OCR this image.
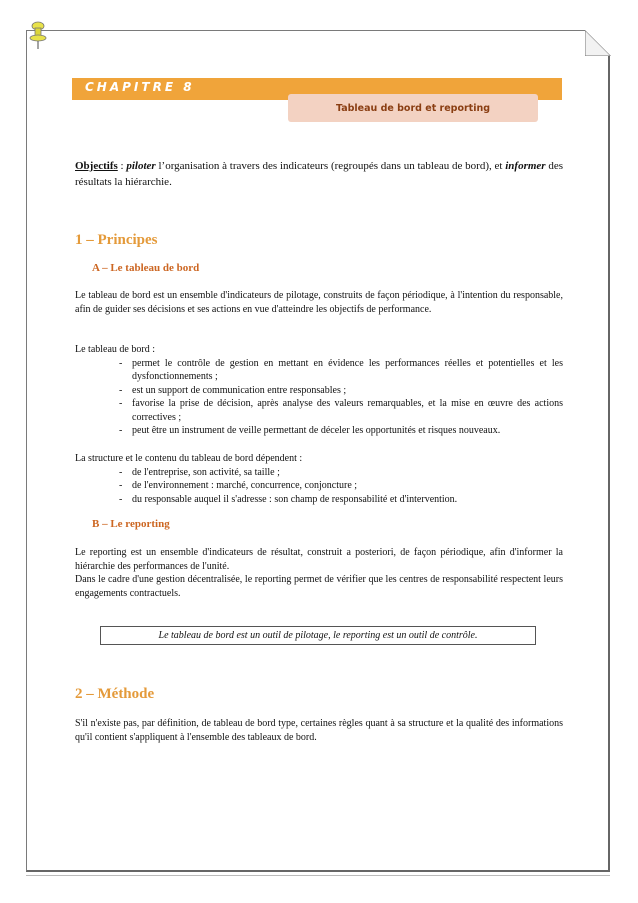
CHAPITRE 8
Tableau de bord et reporting
Objectifs : piloter l’organisation à travers des indicateurs (regroupés dans un tableau de bord), et informer des résultats la hiérarchie.
1 – Principes
A – Le tableau de bord
Le tableau de bord est un ensemble d'indicateurs de pilotage, construits de façon périodique, à l'intention du responsable, afin de guider ses décisions et ses actions en vue d'atteindre les objectifs de performance.
Le tableau de bord :
- permet le contrôle de gestion en mettant en évidence les performances réelles et potentielles et les dysfonctionnements ;
- est un support de communication entre responsables ;
- favorise la prise de décision, après analyse des valeurs remarquables, et la mise en œuvre des actions correctives ;
- peut être un instrument de veille permettant de déceler les opportunités et risques nouveaux.
La structure et le contenu du tableau de bord dépendent :
- de l'entreprise, son activité, sa taille ;
- de l'environnement : marché, concurrence, conjoncture ;
- du responsable auquel il s'adresse : son champ de responsabilité et d'intervention.
B – Le reporting
Le reporting est un ensemble d'indicateurs de résultat, construit a posteriori, de façon périodique, afin d'informer la hiérarchie des performances de l'unité.
Dans le cadre d'une gestion décentralisée, le reporting permet de vérifier que les centres de responsabilité respectent leurs engagements contractuels.
Le tableau de bord est un outil de pilotage, le reporting est un outil de contrôle.
2 – Méthode
S'il n'existe pas, par définition, de tableau de bord type, certaines règles quant à sa structure et la qualité des informations qu'il contient s'appliquent à l'ensemble des tableaux de bord.
